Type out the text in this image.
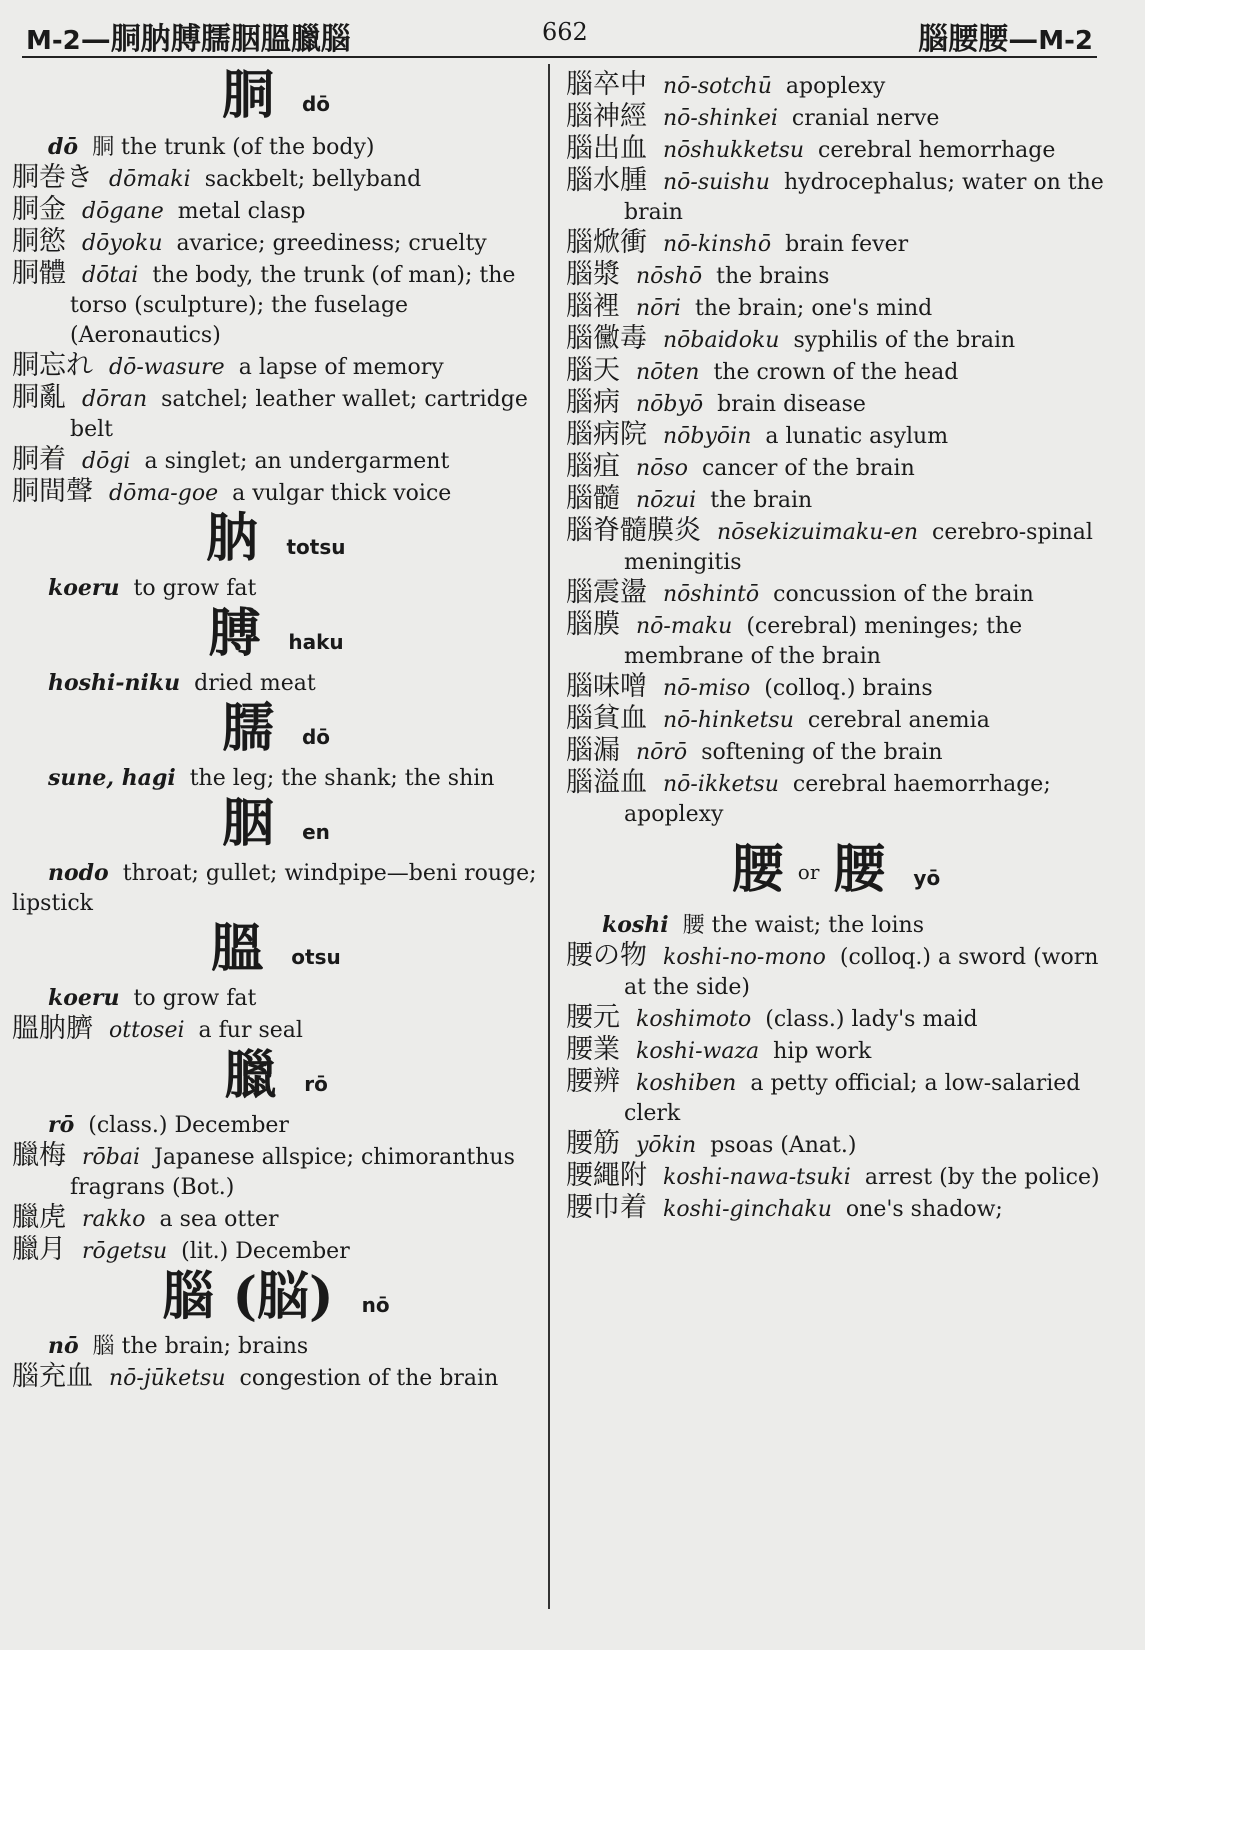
M-2—胴肭膊臑胭膃臘腦	662	腦腰腰—M-2
胴 dō

dō 胴 the trunk (of the body)

胴巻き dōmaki sackbelt; bellyband

胴金 dōgane metal clasp

胴慾 dōyoku avarice; greediness; cruelty

胴體 dōtai the body, the trunk (of man); the torso (sculpture); the fuselage (Aeronautics)

胴忘れ dō-wasure a lapse of memory

胴亂 dōran satchel; leather wallet; cartridge belt

胴着 dōgi a singlet; an undergarment

胴間聲 dōma-goe a vulgar thick voice

肭 totsu

koeru to grow fat

膊 haku

hoshi-niku dried meat

臑 dō

sune, hagi the leg; the shank; the shin

胭 en

nodo throat; gullet; windpipe—beni rouge; lipstick

膃 otsu

koeru to grow fat

膃肭臍 ottosei a fur seal

臘 rō

rō (class.) December

臘梅 rōbai Japanese allspice; chimoranthus fragrans (Bot.)

臘虎 rakko a sea otter

臘月 rōgetsu (lit.) December

腦 (脳) nō

nō 腦 the brain; brains

腦充血 nō-jūketsu congestion of the brain

腦卒中 nō-sotchū apoplexy

腦神經 nō-shinkei cranial nerve

腦出血 nōshukketsu cerebral hemorrhage

腦水腫 nō-suishu hydrocephalus; water on the brain

腦焮衝 nō-kinshō brain fever

腦漿 nōshō the brains

腦裡 nōri the brain; one's mind

腦黴毒 nōbaidoku syphilis of the brain

腦天 nōten the crown of the head

腦病 nōbyō brain disease

腦病院 nōbyōin a lunatic asylum

腦疽 nōso cancer of the brain

腦髓 nōzui the brain

腦脊髓膜炎 nōsekizuimaku-en cerebro-spinal meningitis

腦震盪 nōshintō concussion of the brain

腦膜 nō-maku (cerebral) meninges; the membrane of the brain

腦味噌 nō-miso (colloq.) brains

腦貧血 nō-hinketsu cerebral anemia

腦漏 nōrō softening of the brain

腦溢血 nō-ikketsu cerebral haemorrhage; apoplexy

腰or 腰 yō

koshi 腰 the waist; the loins

腰の物 koshi-no-mono (colloq.) a sword (worn at the side)

腰元 koshimoto (class.) lady's maid

腰業 koshi-waza hip work

腰辨 koshiben a petty official; a low-salaried clerk

腰筋 yōkin psoas (Anat.)

腰繩附 koshi-nawa-tsuki arrest (by the police)

腰巾着 koshi-ginchaku one's shadow;
